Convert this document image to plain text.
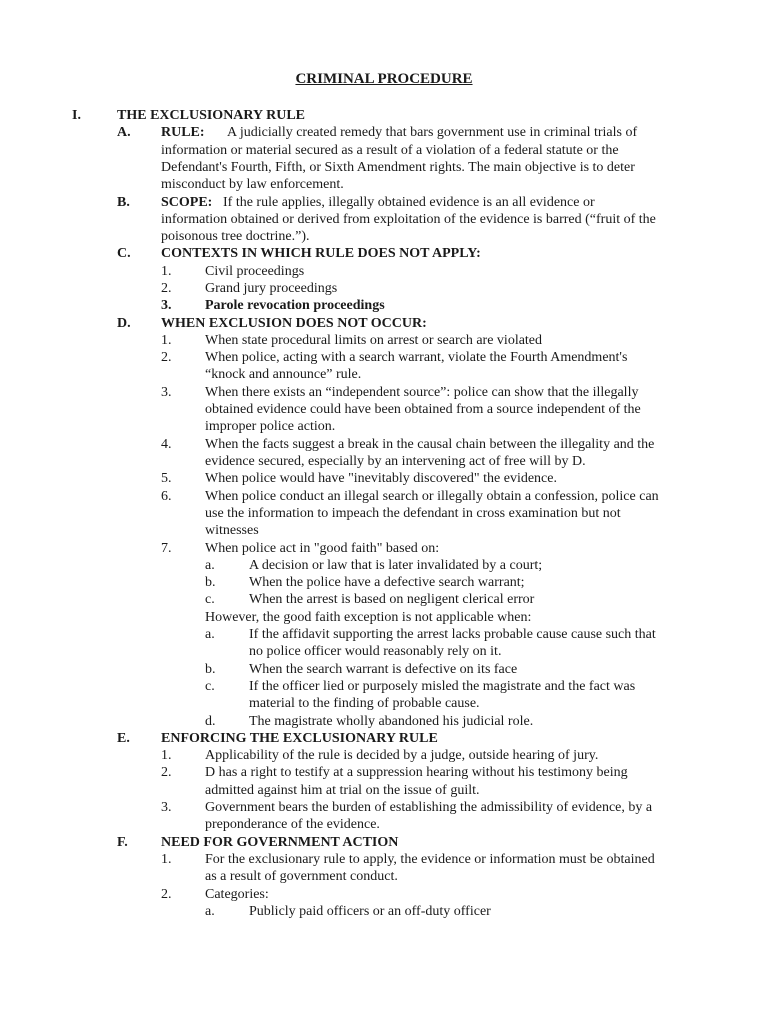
CRIMINAL PROCEDURE
I.	THE EXCLUSIONARY RULE
A. RULE: A judicially created remedy that bars government use in criminal trials of
information or material secured as a result of a violation of a federal statute or the
Defendant's Fourth, Fifth, or Sixth Amendment rights. The main objective is to deter
misconduct by law enforcement.
B. SCOPE: If the rule applies, illegally obtained evidence is an all evidence or
information obtained or derived from exploitation of the evidence is barred (“fruit of the
poisonous tree doctrine.”).
C. CONTEXTS IN WHICH RULE DOES NOT APPLY:
1. Civil proceedings
2. Grand jury proceedings
3. Parole revocation proceedings
D. WHEN EXCLUSION DOES NOT OCCUR:
1. When state procedural limits on arrest or search are violated
2. When police, acting with a search warrant, violate the Fourth Amendment's
“knock and announce” rule.
3. When there exists an “independent source”: police can show that the illegally
obtained evidence could have been obtained from a source independent of the
improper police action.
4. When the facts suggest a break in the causal chain between the illegality and the
evidence secured, especially by an intervening act of free will by D.
5. When police would have "inevitably discovered" the evidence.
6. When police conduct an illegal search or illegally obtain a confession, police can
use the information to impeach the defendant in cross examination but not
witnesses
7. When police act in "good faith" based on:
a. A decision or law that is later invalidated by a court;
b. When the police have a defective search warrant;
c. When the arrest is based on negligent clerical error
However, the good faith exception is not applicable when:
a. If the affidavit supporting the arrest lacks probable cause cause such that
no police officer would reasonably rely on it.
b. When the search warrant is defective on its face
c. If the officer lied or purposely misled the magistrate and the fact was
material to the finding of probable cause.
d. The magistrate wholly abandoned his judicial role.
E. ENFORCING THE EXCLUSIONARY RULE
1. Applicability of the rule is decided by a judge, outside hearing of jury.
2. D has a right to testify at a suppression hearing without his testimony being
admitted against him at trial on the issue of guilt.
3. Government bears the burden of establishing the admissibility of evidence, by a
preponderance of the evidence.
F. NEED FOR GOVERNMENT ACTION
1. For the exclusionary rule to apply, the evidence or information must be obtained
as a result of government conduct.
2. Categories:
a. Publicly paid officers or an off-duty officer
